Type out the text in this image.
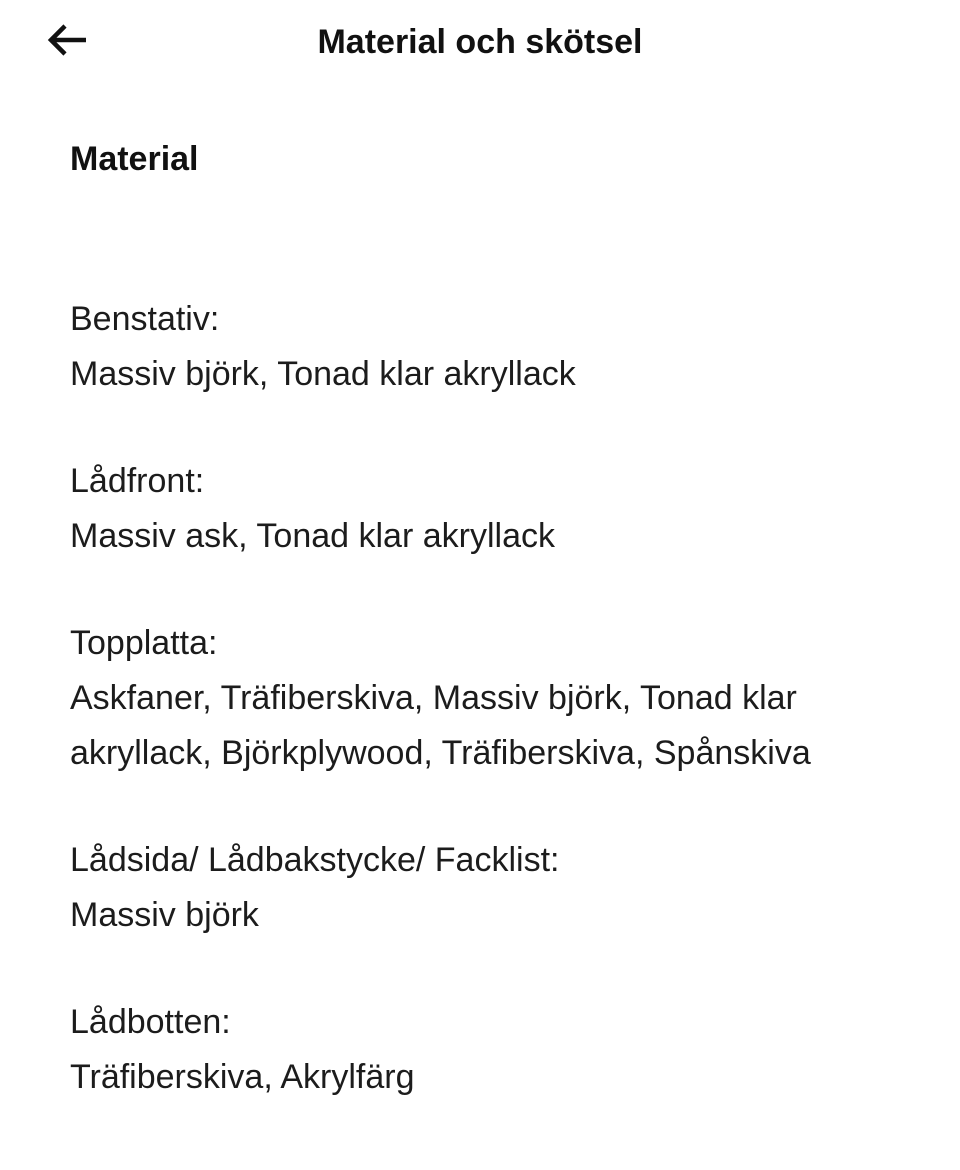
Material och skötsel
Material
Benstativ:
Massiv björk, Tonad klar akryllack
Lådfront:
Massiv ask, Tonad klar akryllack
Topplatta:
Askfaner, Träfiberskiva, Massiv björk, Tonad klar akryllack, Björkplywood, Träfiberskiva, Spånskiva
Lådsida/ Lådbakstycke/ Facklist:
Massiv björk
Lådbotten:
Träfiberskiva, Akrylfärg
